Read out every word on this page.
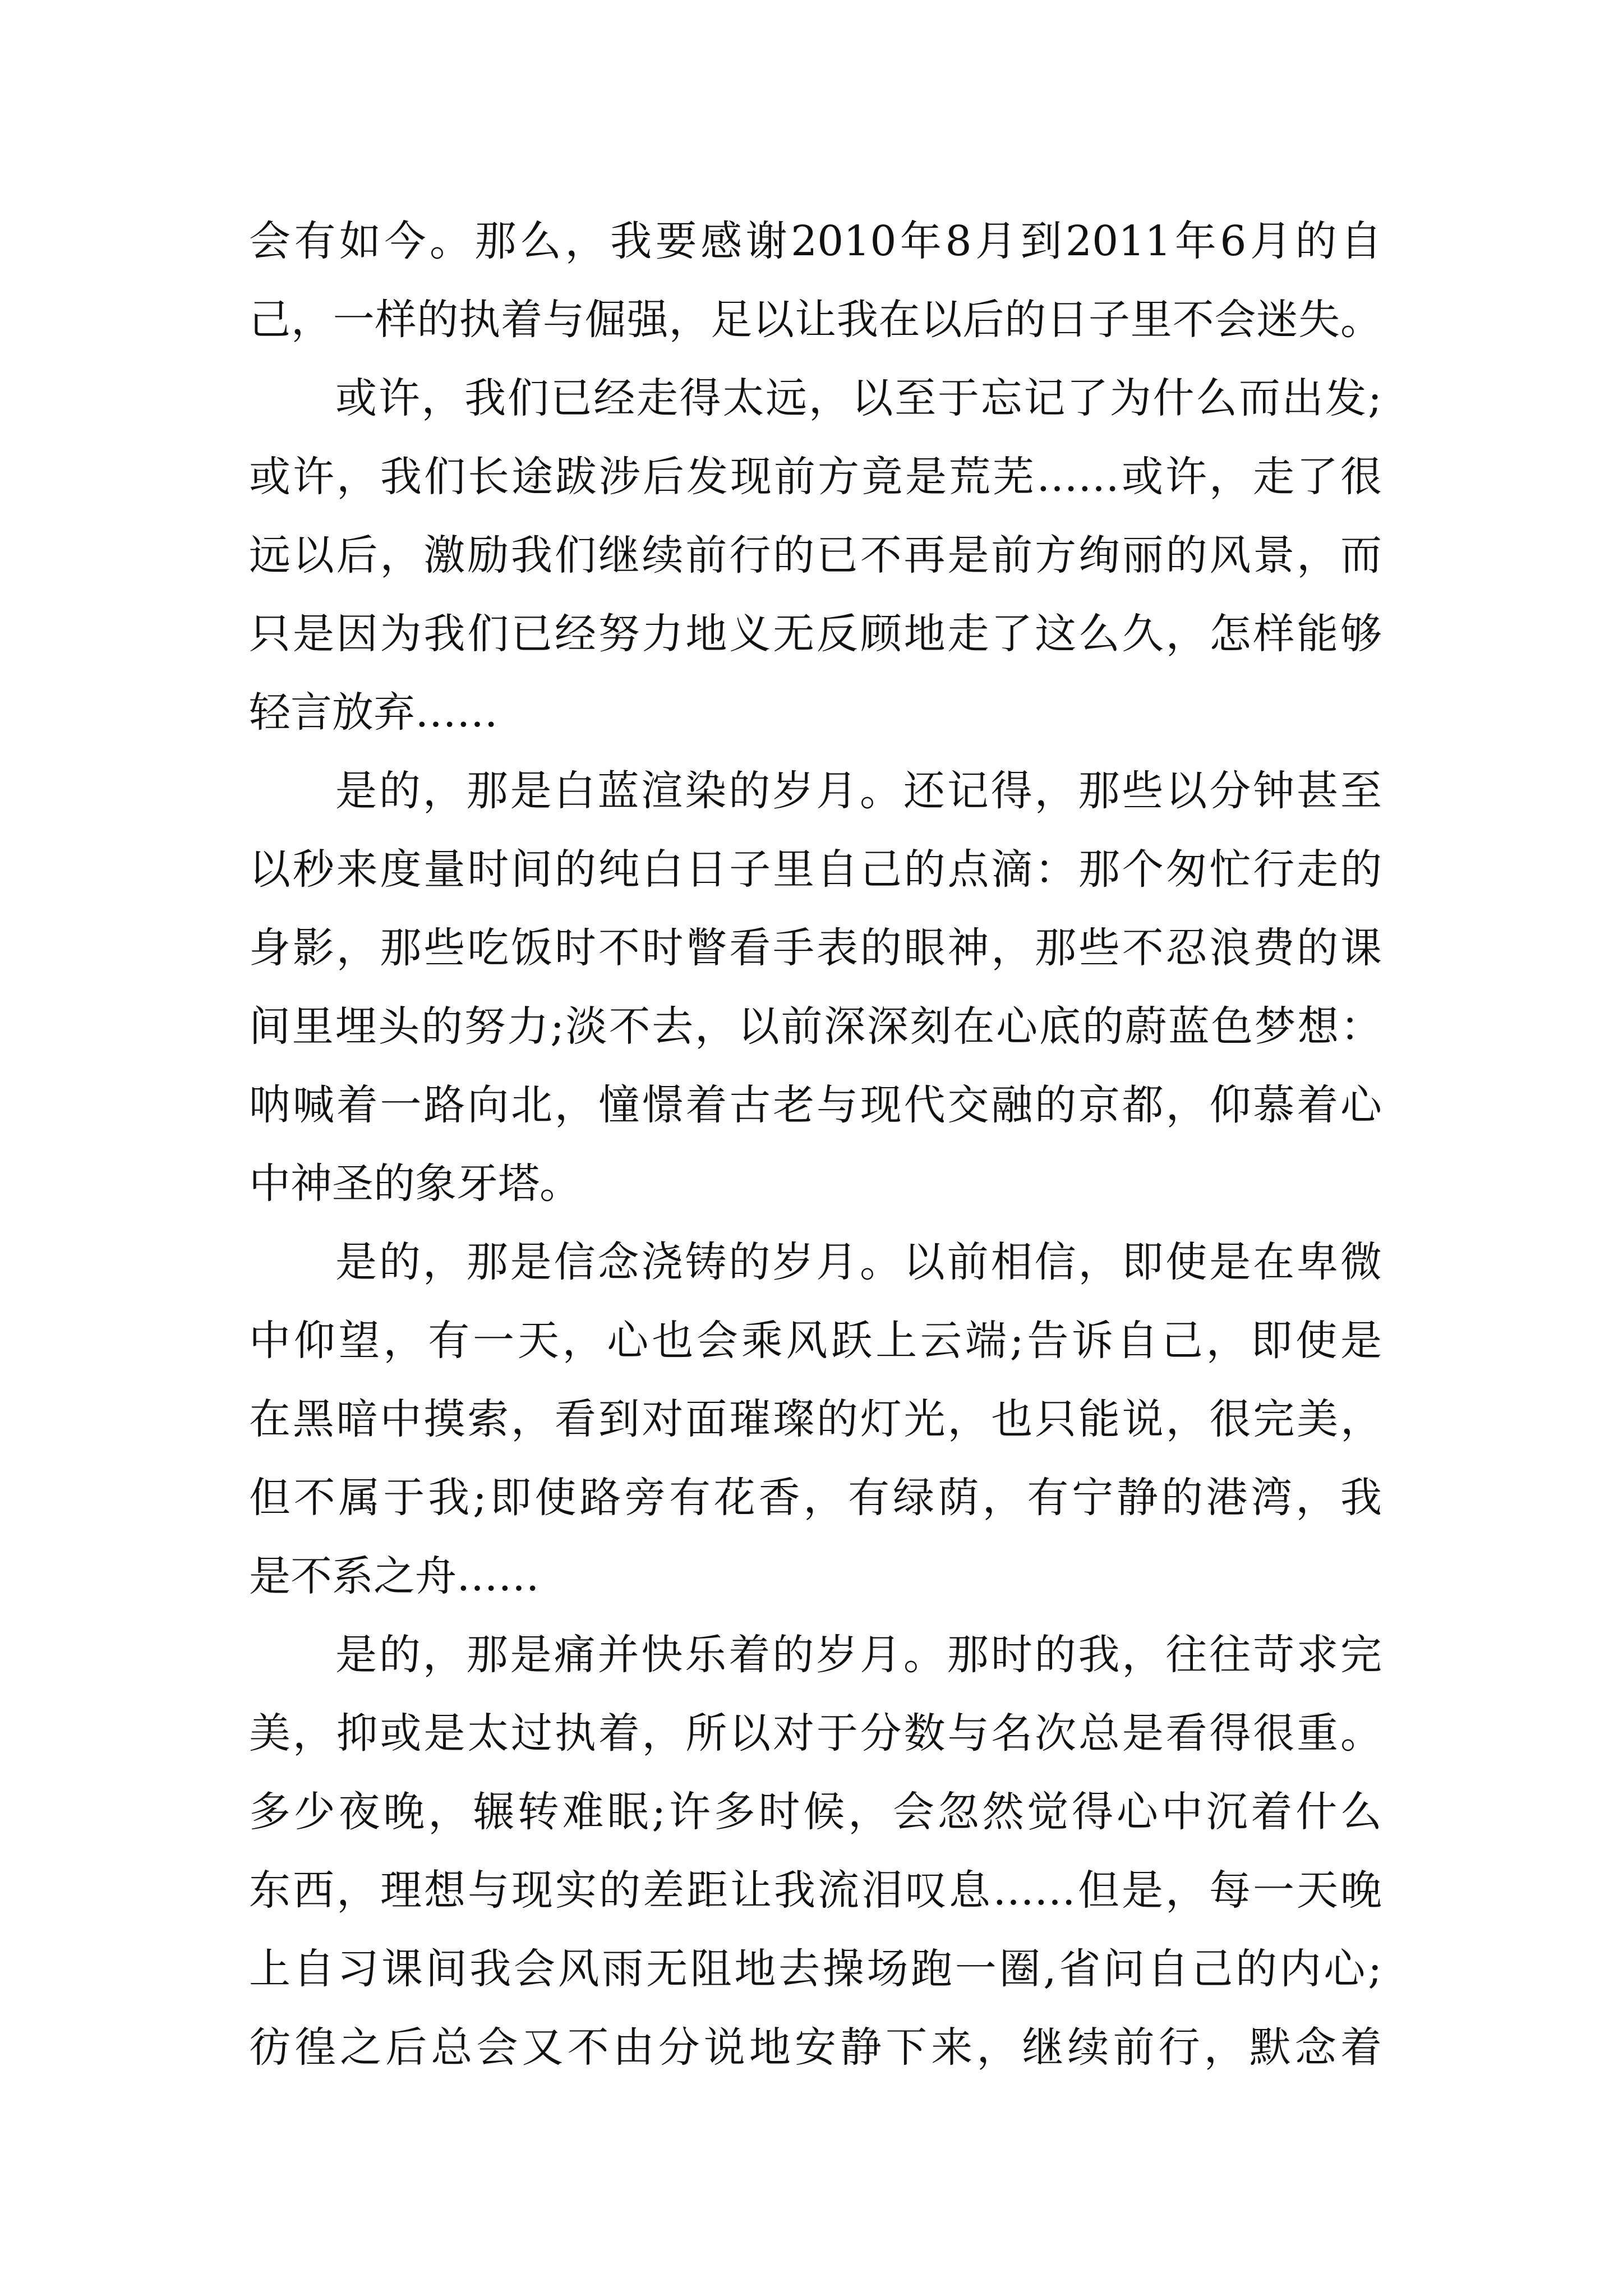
会有如今。那么，我要感谢2010年8月到2011年6月的自
己，一样的执着与倔强，足以让我在以后的日子里不会迷失。
或许，我们已经走得太远，以至于忘记了为什么而出发;
或许，我们长途跋涉后发现前方竟是荒芜……或许，走了很
远以后，激励我们继续前行的已不再是前方绚丽的风景，而
只是因为我们已经努力地义无反顾地走了这么久，怎样能够
轻言放弃……
是的，那是白蓝渲染的岁月。还记得，那些以分钟甚至
以秒来度量时间的纯白日子里自己的点滴：那个匆忙行走的
身影，那些吃饭时不时瞥看手表的眼神，那些不忍浪费的课
间里埋头的努力;淡不去，以前深深刻在心底的蔚蓝色梦想：
呐喊着一路向北，憧憬着古老与现代交融的京都，仰慕着心
中神圣的象牙塔。
是的，那是信念浇铸的岁月。以前相信，即使是在卑微
中仰望，有一天，心也会乘风跃上云端;告诉自己，即使是
在黑暗中摸索，看到对面璀璨的灯光，也只能说，很完美，
但不属于我;即使路旁有花香，有绿荫，有宁静的港湾，我
是不系之舟……
是的，那是痛并快乐着的岁月。那时的我，往往苛求完
美，抑或是太过执着，所以对于分数与名次总是看得很重。
多少夜晚，辗转难眠;许多时候，会忽然觉得心中沉着什么
东西，理想与现实的差距让我流泪叹息……但是，每一天晚
上自习课间我会风雨无阻地去操场跑一圈,省问自己的内心;
彷徨之后总会又不由分说地安静下来，继续前行，默念着
